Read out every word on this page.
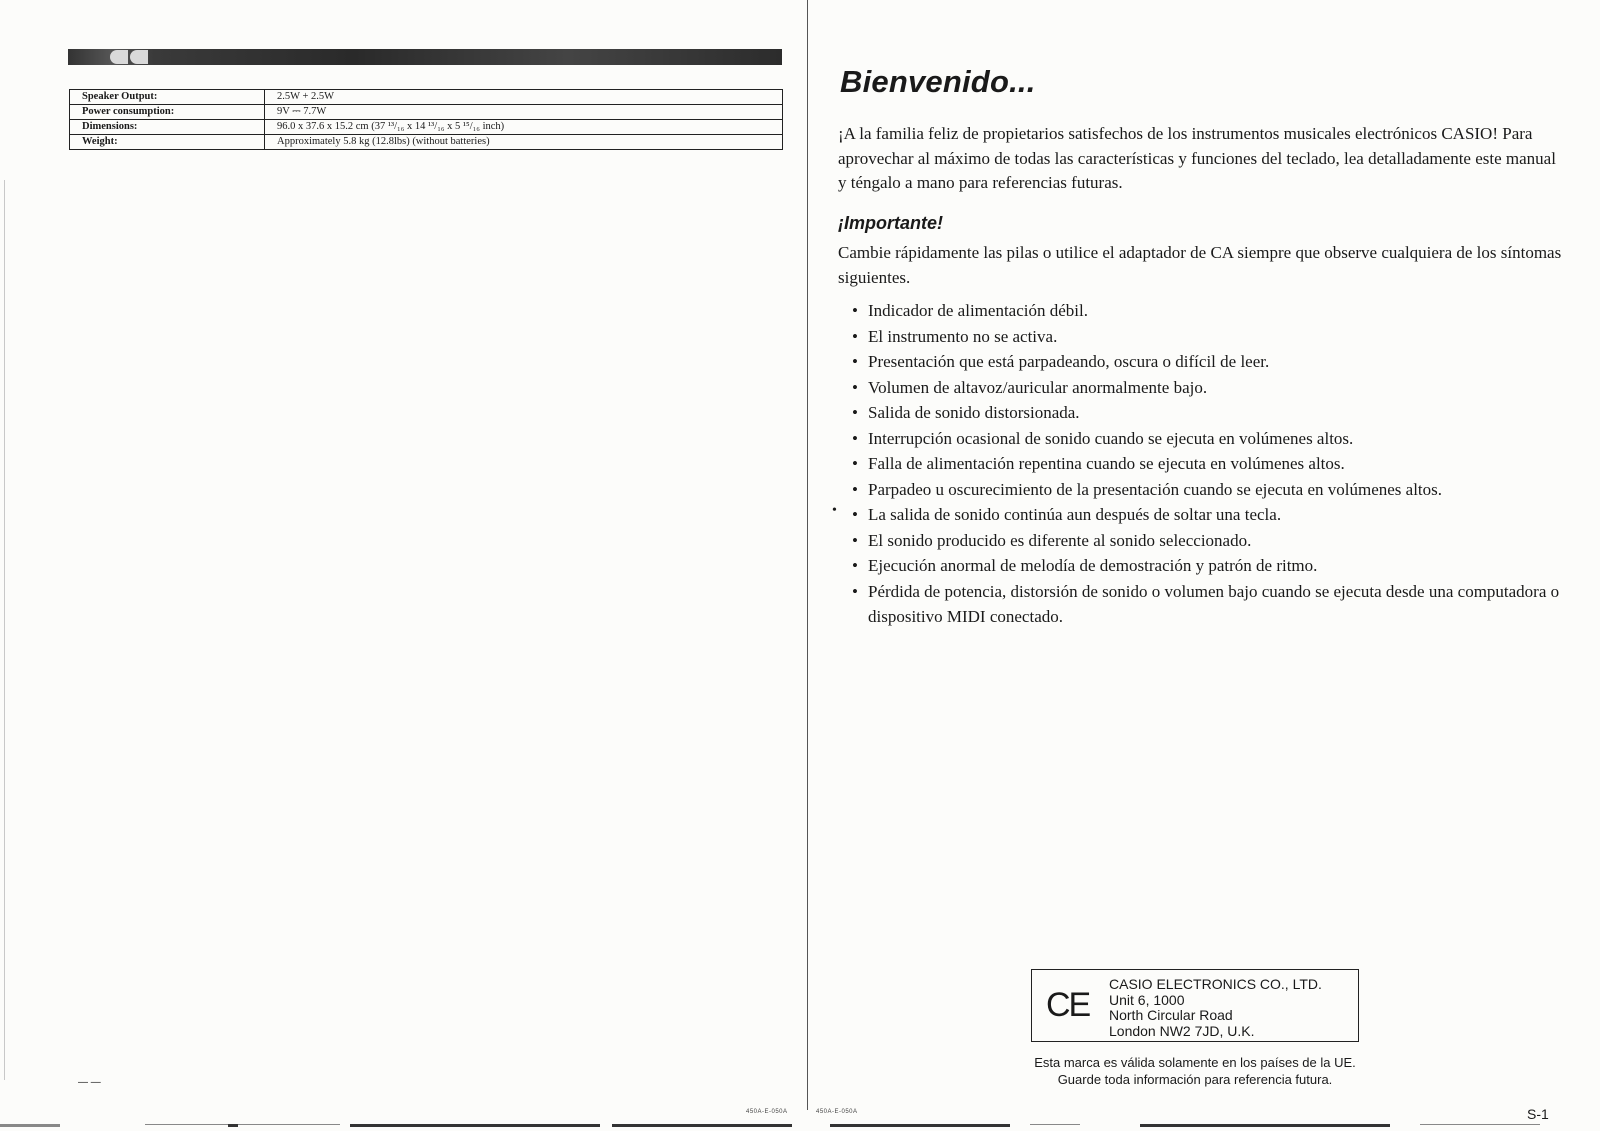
Speaker Output:	2.5W + 2.5W
Power consumption:	9V ⎓ 7.7W
Dimensions:	96.0 x 37.6 x 15.2 cm (37 ¹³/₁₆ x 14 ¹³/₁₆ x 5 ¹⁵/₁₆ inch)
Weight:	Approximately 5.8 kg (12.8lbs) (without batteries)
— —
450A-E-050A
Bienvenido...

¡A la familia feliz de propietarios satisfechos de los instrumentos musicales electrónicos CASIO! Para aprovechar al máximo de todas las características y funciones del teclado, lea detalladamente este manual y téngalo a mano para referencias futuras.

¡Importante!

Cambie rápidamente las pilas o utilice el adaptador de CA siempre que observe cualquiera de los síntomas siguientes.

•
• Indicador de alimentación débil.
• El instrumento no se activa.
• Presentación que está parpadeando, oscura o difícil de leer.
• Volumen de altavoz/auricular anormalmente bajo.
• Salida de sonido distorsionada.
• Interrupción ocasional de sonido cuando se ejecuta en volúmenes altos.
• Falla de alimentación repentina cuando se ejecuta en volúmenes altos.
• Parpadeo u oscurecimiento de la presentación cuando se ejecuta en volúmenes altos.
• La salida de sonido continúa aun después de soltar una tecla.
• El sonido producido es diferente al sonido seleccionado.
• Ejecución anormal de melodía de demostración y patrón de ritmo.
• Pérdida de potencia, distorsión de sonido o volumen bajo cuando se ejecuta desde una computadora o dispositivo MIDI conectado.
CE

CASIO ELECTRONICS CO., LTD.
Unit 6, 1000
North Circular Road
London NW2 7JD, U.K.

Esta marca es válida solamente en los países de la UE.
Guarde toda información para referencia futura.

450A-E-050A	S-1
